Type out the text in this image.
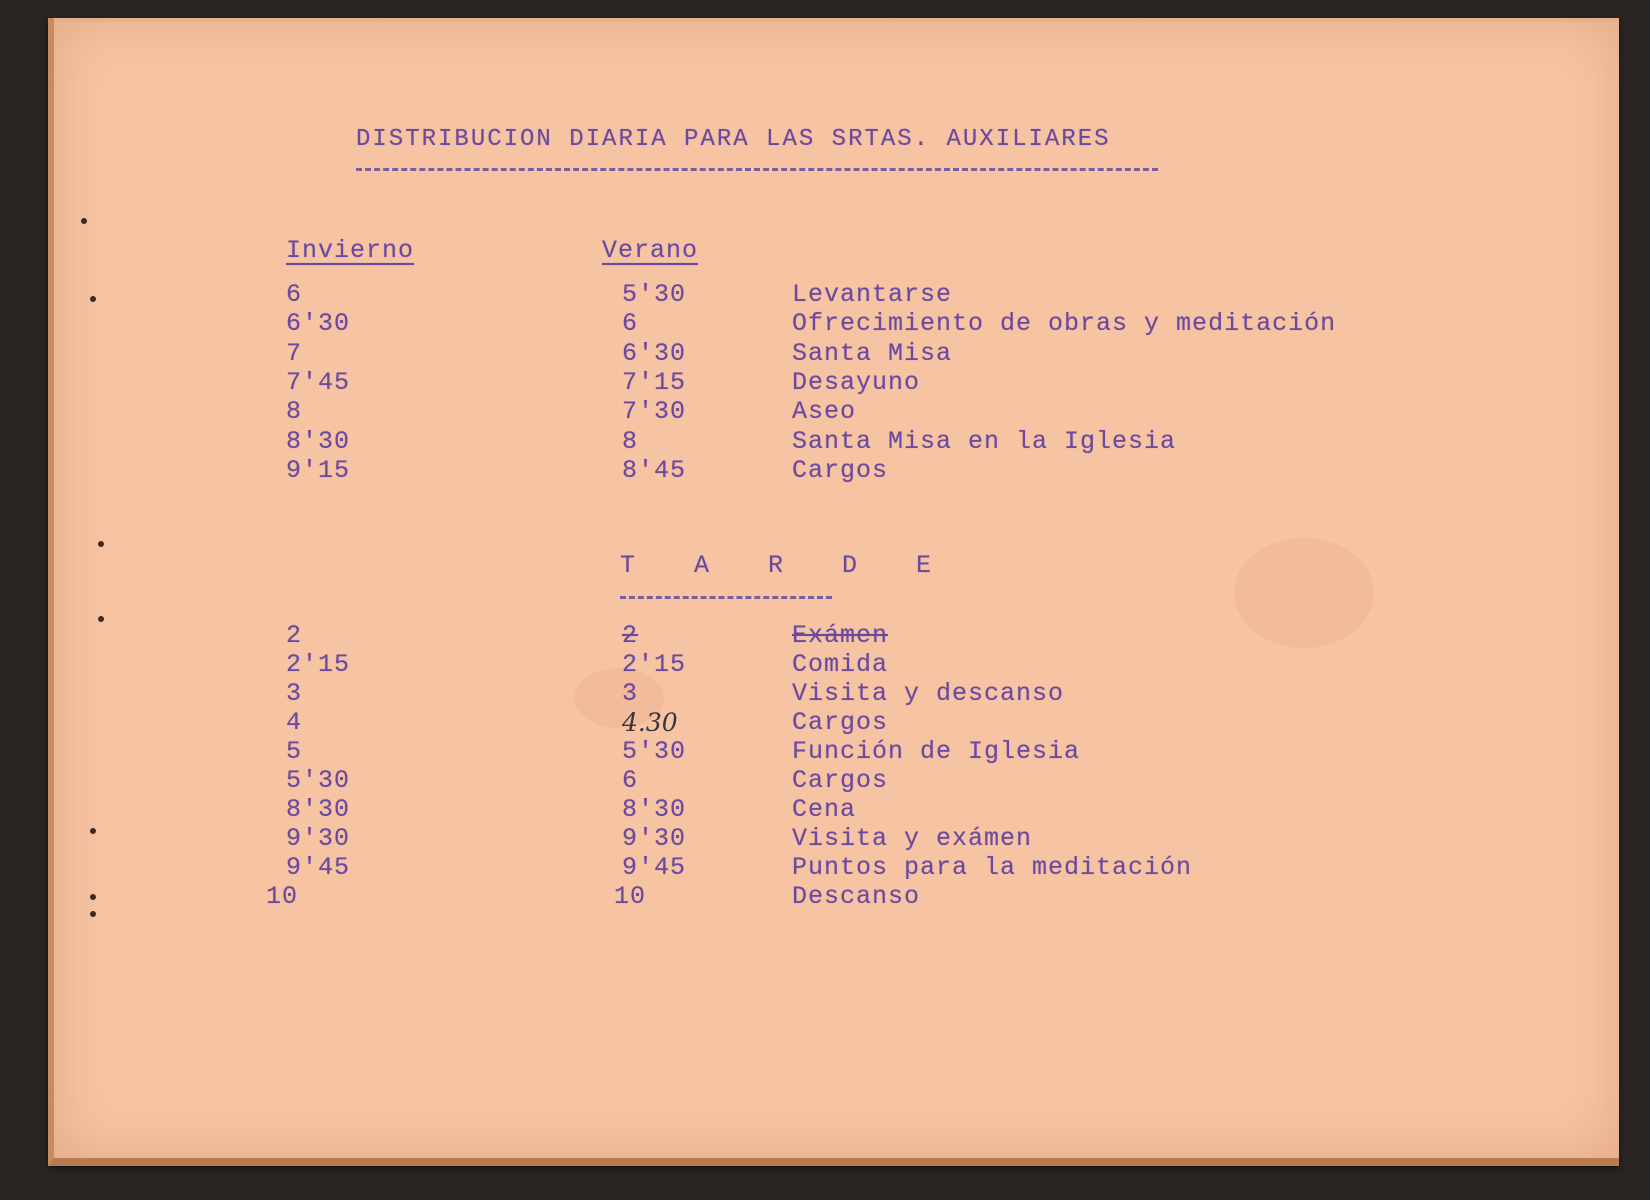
DISTRIBUCION DIARIA PARA LAS SRTAS. AUXILIARES
Invierno	Verano
6	5'30	Levantarse
6'30	6	Ofrecimiento de obras y meditación
7	6'30	Santa Misa
7'45	7'15	Desayuno
8	7'30	Aseo
8'30	8	Santa Misa en la Iglesia
9'15	8'45	Cargos
T A R D E
2	2	Exámen
2'15	2'15	Comida
3	3	Visita y descanso
4	4.30	Cargos
5	5'30	Función de Iglesia
5'30	6	Cargos
8'30	8'30	Cena
9'30	9'30	Visita y exámen
9'45	9'45	Puntos para la meditación
10	10	Descanso
